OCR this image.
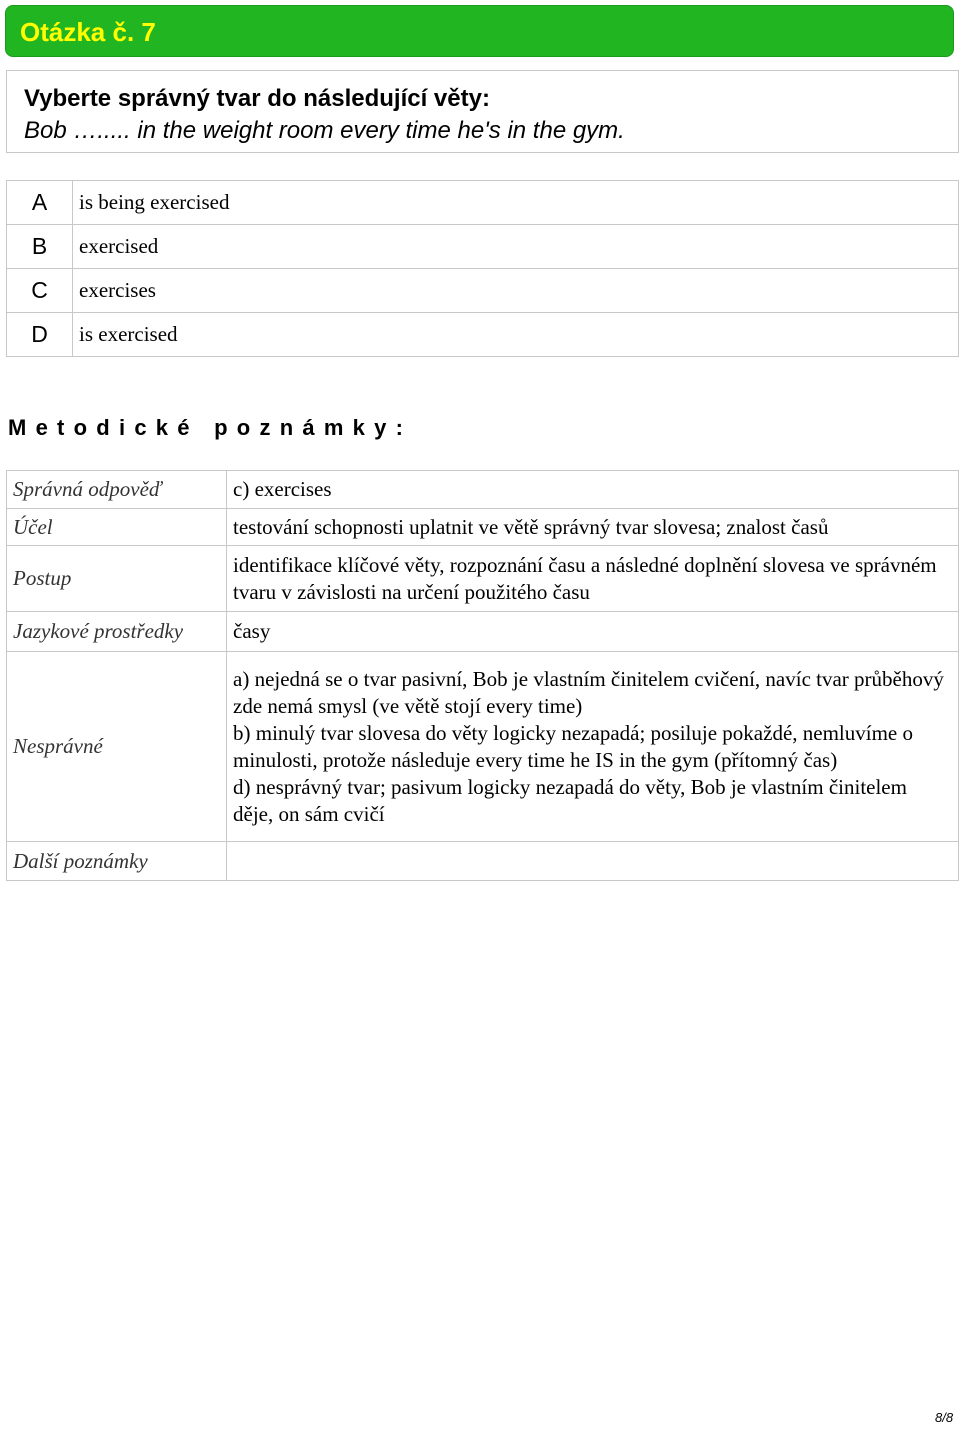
Otázka č. 7
Vyberte správný tvar do následující věty:
Bob …..... in the weight room every time he's in the gym.
A	is being exercised
B	exercised
C	exercises
D	is exercised
Metodické poznámky:
Správná odpověď	c) exercises
Účel	testování schopnosti uplatnit ve větě správný tvar slovesa; znalost časů
Postup	identifikace klíčové věty, rozpoznání času a následné doplnění slovesa ve správném tvaru v závislosti na určení použitého času
Jazykové prostředky	časy
Nesprávné	a) nejedná se o tvar pasivní, Bob je vlastním činitelem cvičení, navíc tvar průběhový zde nemá smysl (ve větě stojí every time)
b) minulý tvar slovesa do věty logicky nezapadá; posiluje pokaždé, nemluvíme o minulosti, protože následuje every time he IS in the gym (přítomný čas)
d) nesprávný tvar; pasivum logicky nezapadá do věty, Bob je vlastním činitelem děje, on sám cvičí

Další poznámky	
8/8
